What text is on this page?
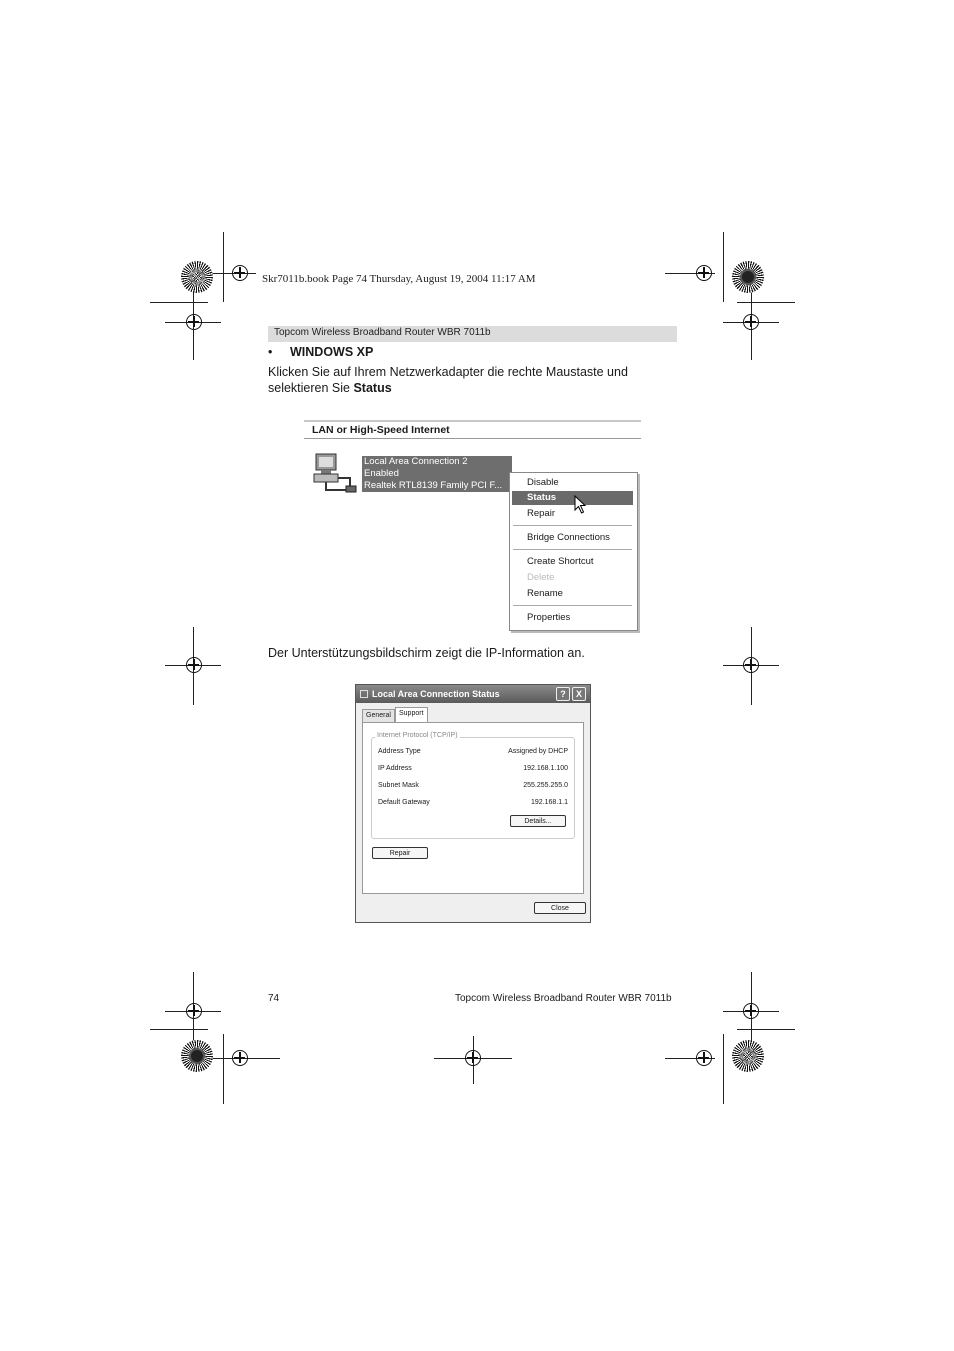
Skr7011b.book Page 74 Thursday, August 19, 2004 11:17 AM
Topcom Wireless Broadband Router WBR 7011b
• WINDOWS XP
Klicken Sie auf Ihrem Netzwerkadapter die rechte Maustaste und selektieren Sie Status
LAN or High-Speed Internet
Local Area Connection 2
Enabled
Realtek RTL8139 Family PCI F...	Disable
Status
Repair
Bridge Connections
Create Shortcut
Delete
Rename
Properties
Der Unterstützungsbildschirm zeigt die IP-Information an.
Local Area Connection Status	?	X
General	Support
Internet Protocol (TCP/IP)
Address Type	Assigned by DHCP
IP Address	192.168.1.100
Subnet Mask	255.255.255.0
Default Gateway	192.168.1.1
Details...
Repair
Close
74	Topcom Wireless Broadband Router WBR 7011b
